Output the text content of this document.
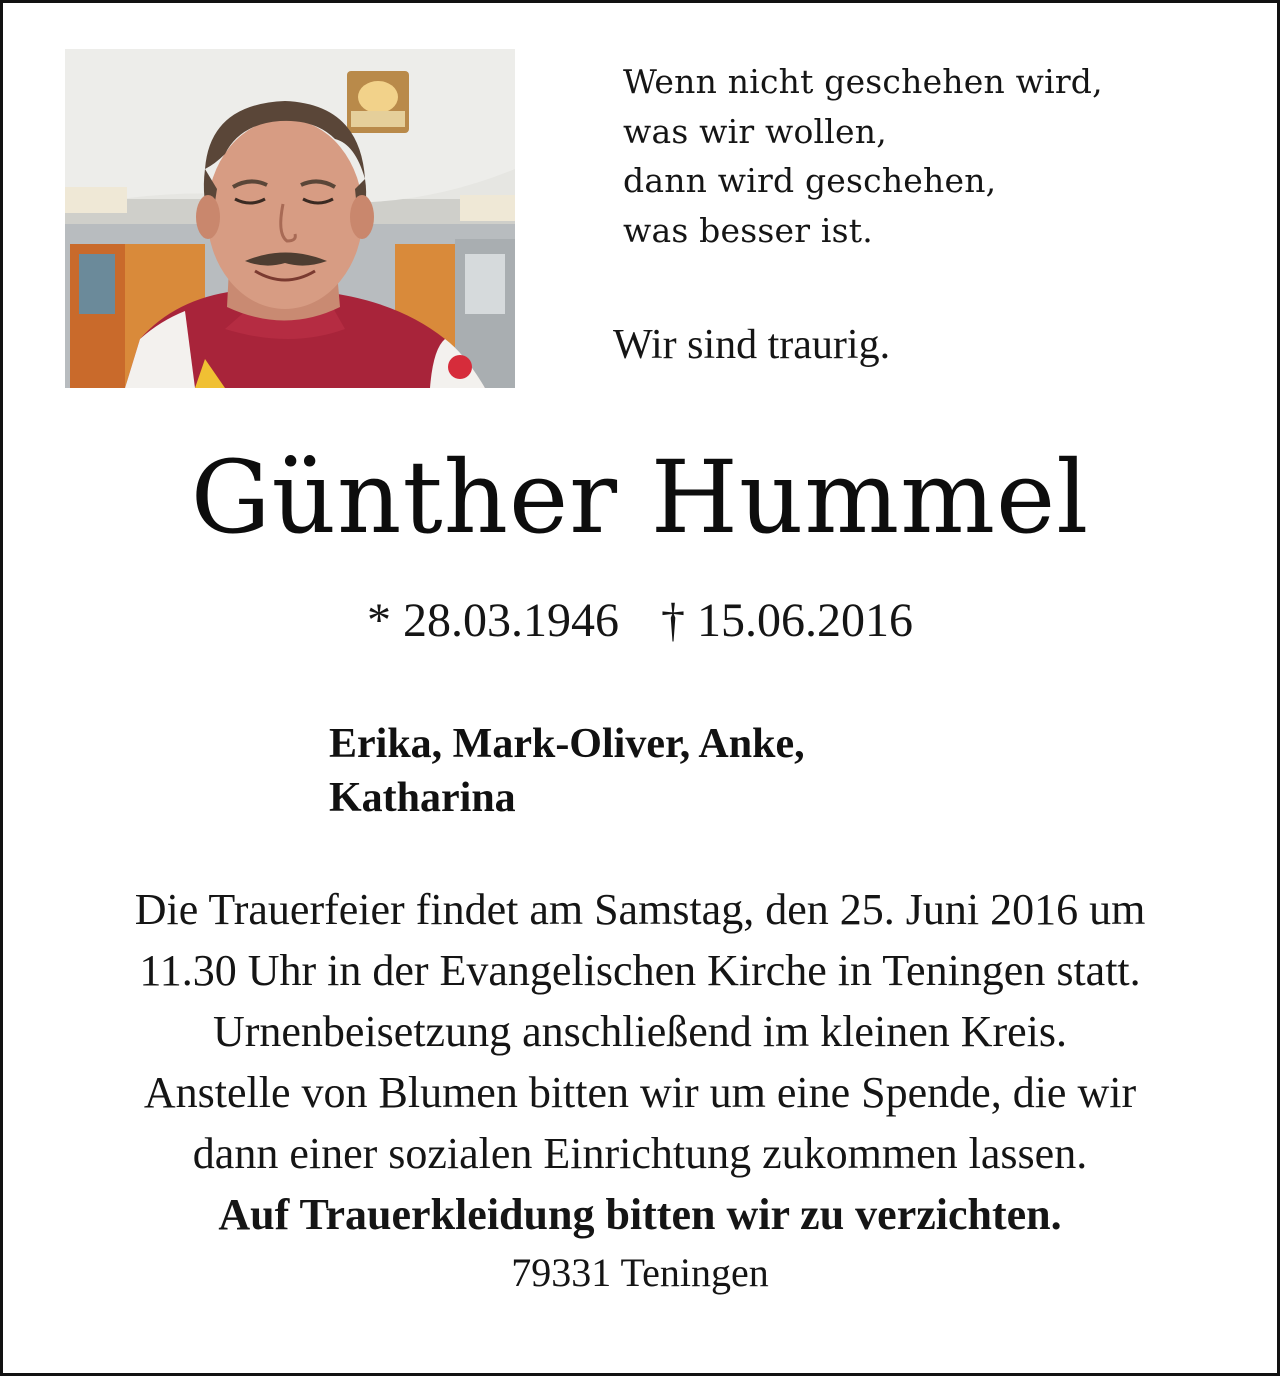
Wenn nicht geschehen wird,
was wir wollen,
dann wird geschehen,
was besser ist.
Wir sind traurig.
Günther Hummel
* 28.03.1946 † 15.06.2016
Erika, Mark-Oliver, Anke,
Katharina
Die Trauerfeier findet am Samstag, den 25. Juni 2016 um
11.30 Uhr in der Evangelischen Kirche in Teningen statt.
Urnenbeisetzung anschließend im kleinen Kreis.
Anstelle von Blumen bitten wir um eine Spende, die wir
dann einer sozialen Einrichtung zukommen lassen.
Auf Trauerkleidung bitten wir zu verzichten.
79331 Teningen
